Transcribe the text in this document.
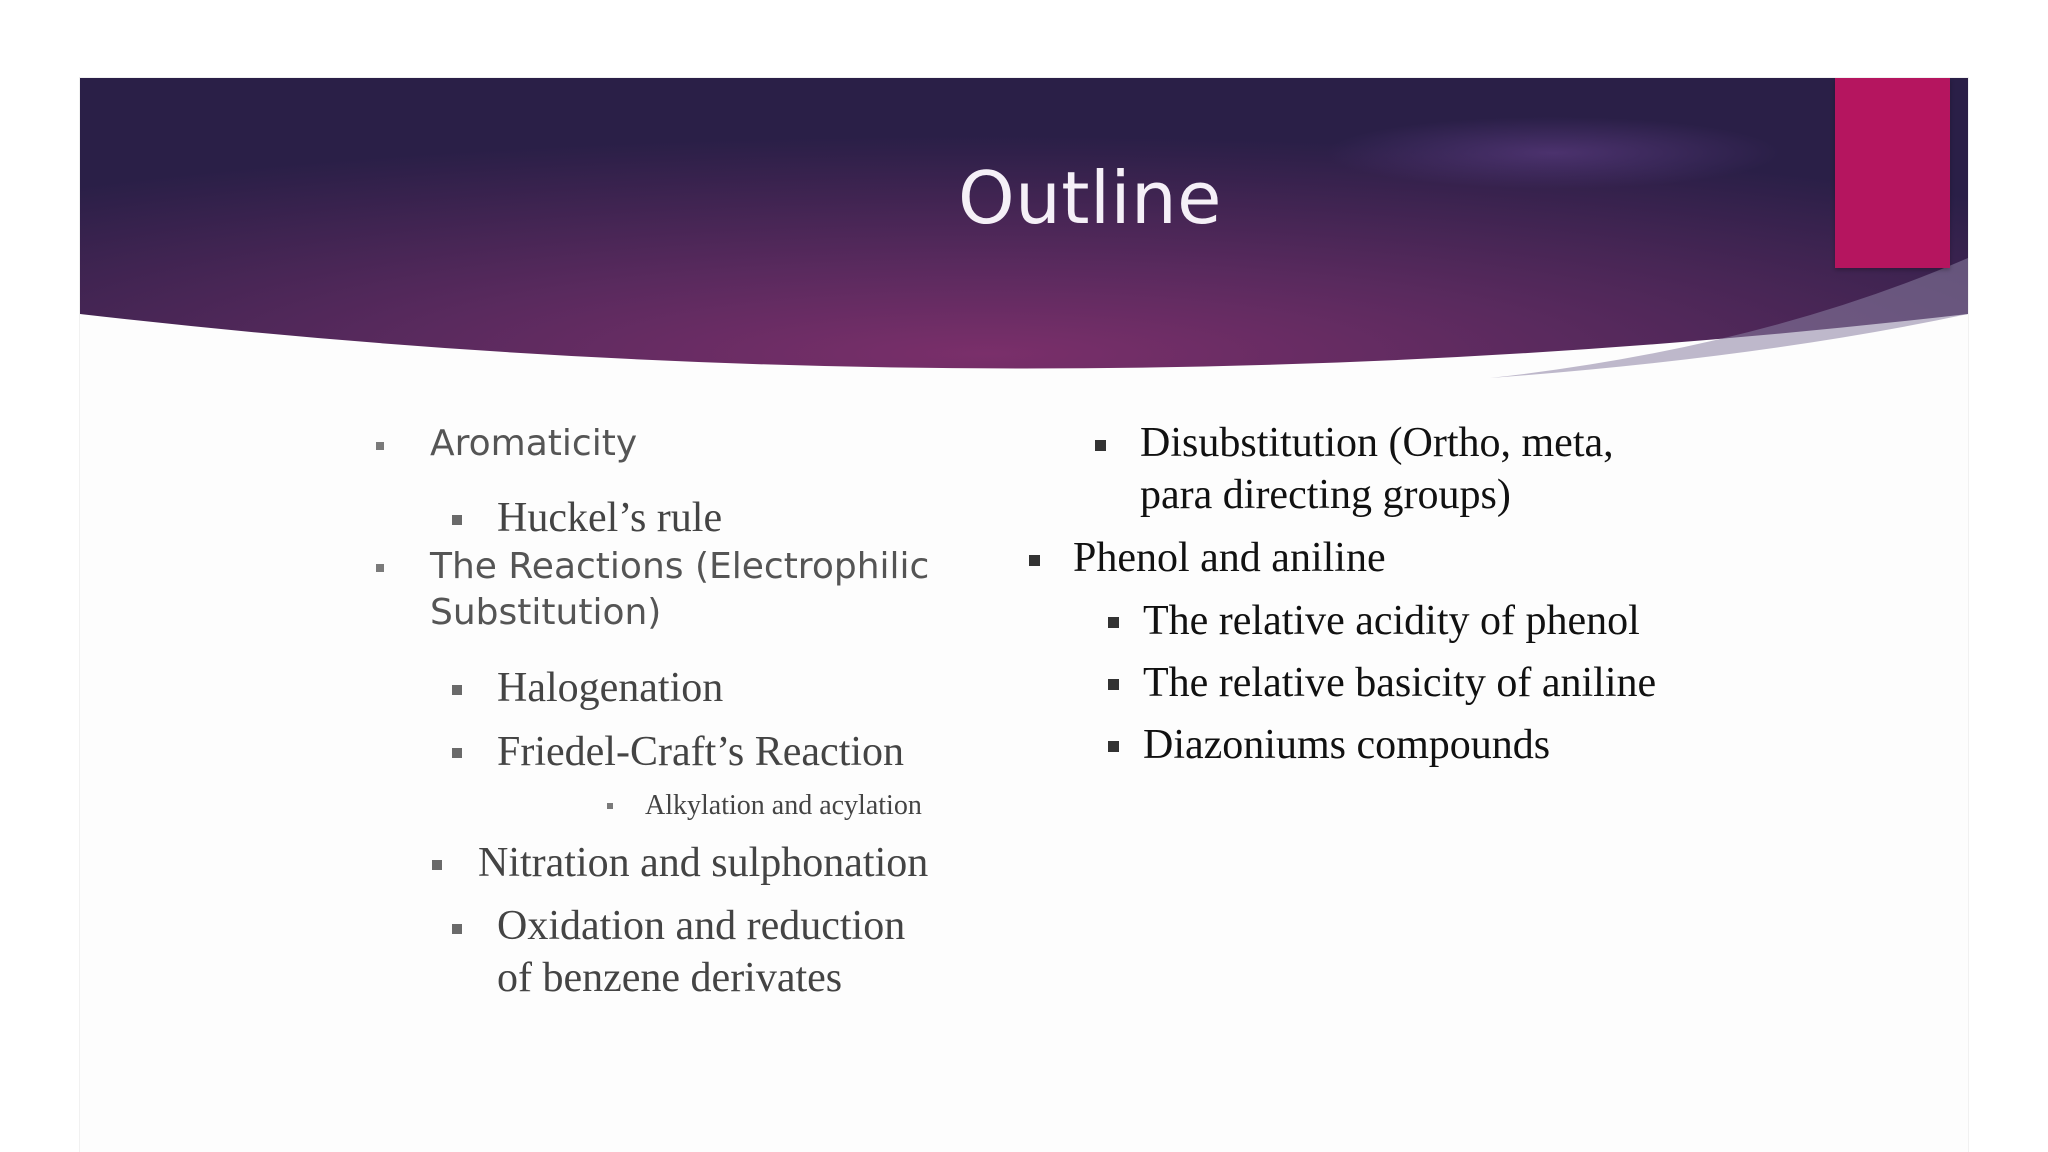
Outline
Aromaticity
Huckel’s rule
The Reactions (Electrophilic
Substitution)
Halogenation
Friedel-Craft’s Reaction
Alkylation and acylation
Nitration and sulphonation
Oxidation and reduction
of benzene derivates
Disubstitution (Ortho, meta,
para directing groups)
Phenol and aniline
The relative acidity of phenol
The relative basicity of aniline
Diazoniums compounds
